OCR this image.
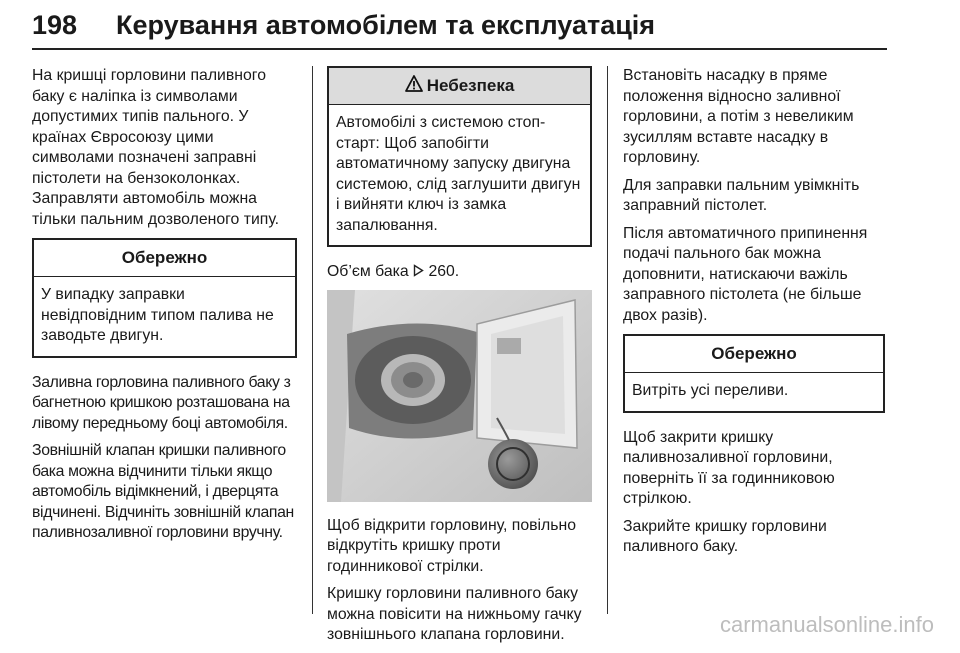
198 Керування автомобілем та експлуатація

На кришці горловини паливного баку є наліпка із символами допустимих типів пального. У країнах Євросоюзу цими символами позначені заправні пістолети на бензоколонках. Заправляти автомобіль можна тільки пальним дозволеного типу.

Обережно
У випадку заправки невідповідним типом палива не заводьте двигун.

Заливна горловина паливного баку з багнетною кришкою розташована на лівому передньому боці автомобіля.

Зовнішній клапан кришки паливного бака можна відчинити тільки якщо автомобіль відімкнений, і дверцята відчинені. Відчиніть зовнішній клапан паливнозаливної горловини вручну.

Небезпека
Автомобілі з системою стоп-старт: Щоб запобігти автоматичному запуску двигуна системою, слід заглушити двигун і вийняти ключ із замка запалювання.

Об’єм бака 260.

Щоб відкрити горловину, повільно відкрутіть кришку проти годинникової стрілки.

Кришку горловини паливного баку можна повісити на нижньому гачку зовнішнього клапана горловини.

Встановіть насадку в пряме положення відносно заливної горловини, а потім з невеликим зусиллям вставте насадку в горловину.

Для заправки пальним увімкніть заправний пістолет.

Після автоматичного припинення подачі пального бак можна доповнити, натискаючи важіль заправного пістолета (не більше двох разів).

Обережно
Витріть усі переливи.

Щоб закрити кришку паливнозаливної горловини, поверніть її за годинниковою стрілкою.

Закрийте кришку горловини паливного баку.

carmanualsonline.info
